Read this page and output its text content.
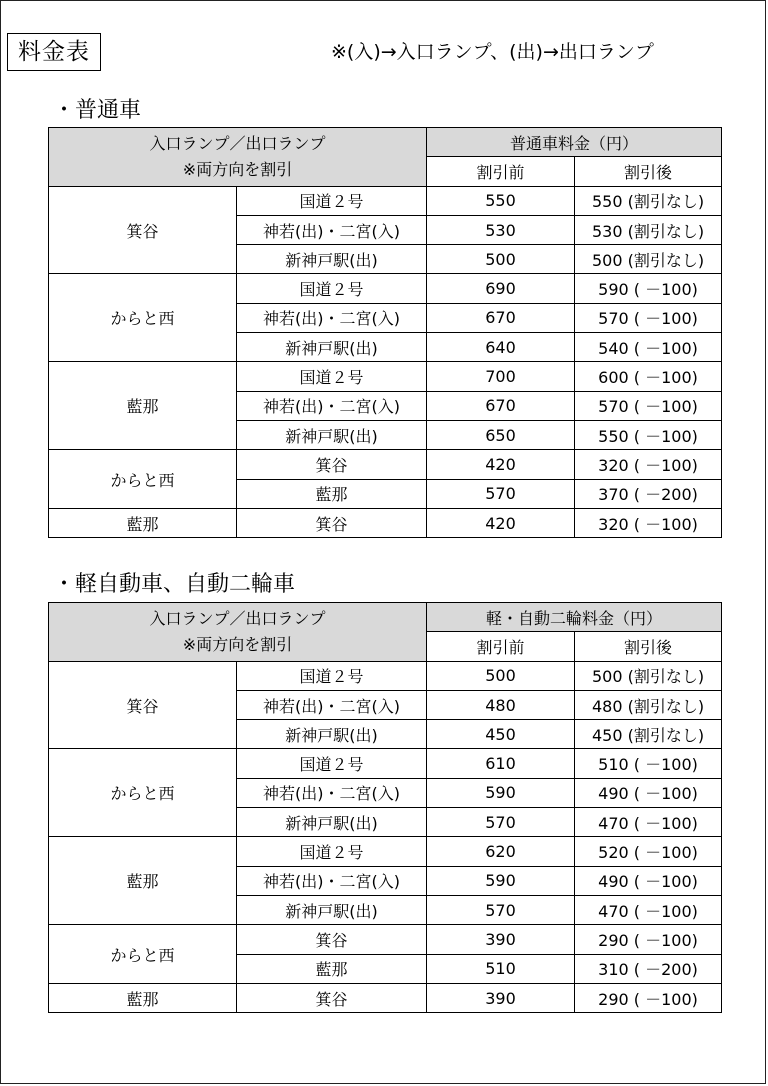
料金表	※(入)→入口ランプ、(出)→出口ランプ
・普通車
入口ランプ／出口ランプ
※両方向を割引		普通車料金（円）	
		割引前	割引後
箕谷	国道２号	550	550 (割引なし)
	神若(出)・二宮(入)	530	530 (割引なし)
	新神戸駅(出)	500	500 (割引なし)
からと西	国道２号	690	590 ( －100)
	神若(出)・二宮(入)	670	570 ( －100)
	新神戸駅(出)	640	540 ( －100)
藍那	国道２号	700	600 ( －100)
	神若(出)・二宮(入)	670	570 ( －100)
	新神戸駅(出)	650	550 ( －100)
からと西	箕谷	420	320 ( －100)
	藍那	570	370 ( －200)
藍那	箕谷	420	320 ( －100)
・軽自動車、自動二輪車
入口ランプ／出口ランプ
※両方向を割引		軽・自動二輪料金（円）	
		割引前	割引後
箕谷	国道２号	500	500 (割引なし)
	神若(出)・二宮(入)	480	480 (割引なし)
	新神戸駅(出)	450	450 (割引なし)
からと西	国道２号	610	510 ( －100)
	神若(出)・二宮(入)	590	490 ( －100)
	新神戸駅(出)	570	470 ( －100)
藍那	国道２号	620	520 ( －100)
	神若(出)・二宮(入)	590	490 ( －100)
	新神戸駅(出)	570	470 ( －100)
からと西	箕谷	390	290 ( －100)
	藍那	510	310 ( －200)
藍那	箕谷	390	290 ( －100)
